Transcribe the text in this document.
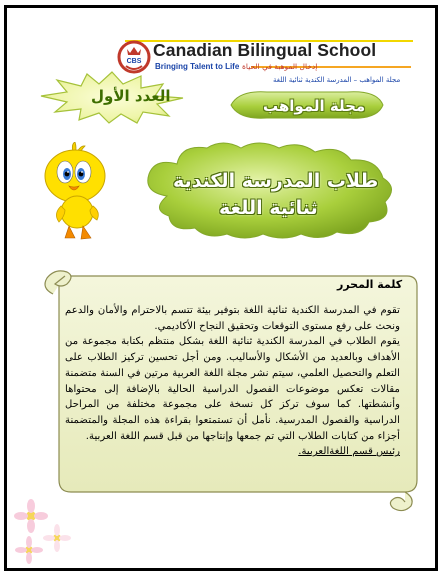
CBS
Canadian Bilingual School
Bringing Talent to Life إدخال الموهبة في الحياة
مجلة المواهب – المدرسة الكندية ثنائية اللغة
العدد الأول
مجلة المواهب
طلاب المدرسة الكندية
ثنائية اللغة
كلمة المحرر

تقوم في المدرسة الكندية ثنائية اللغة بتوفير بيئة تتسم بالاحترام والأمان والدعم ونحث على رفع مستوى التوقعات وتحقيق النجاح الأكاديمي.

يقوم الطلاب في المدرسة الكندية ثنائية اللغة بشكل منتظم بكتابة مجموعة من الأهداف وبالعديد من الأشكال والأساليب. ومن أجل تحسين تركيز الطلاب على التعلم والتحصيل العلمي، سيتم نشر مجلة اللغة العربية مرتين في السنة متضمنة مقالات تعكس موضوعات الفصول الدراسية الحالية بالإضافة إلى محتواها وأنشطتها. كما سوف تركز كل نسخة على مجموعة مختلفة من المراحل الدراسية والفصول المدرسية. نأمل أن تستمتعوا بقراءة هذه المجلة والمتضمنة أجزاء من كتابات الطلاب التي تم جمعها وإنتاجها من قبل قسم اللغة العربية.

رئيس قسم اللغةالعربية.
